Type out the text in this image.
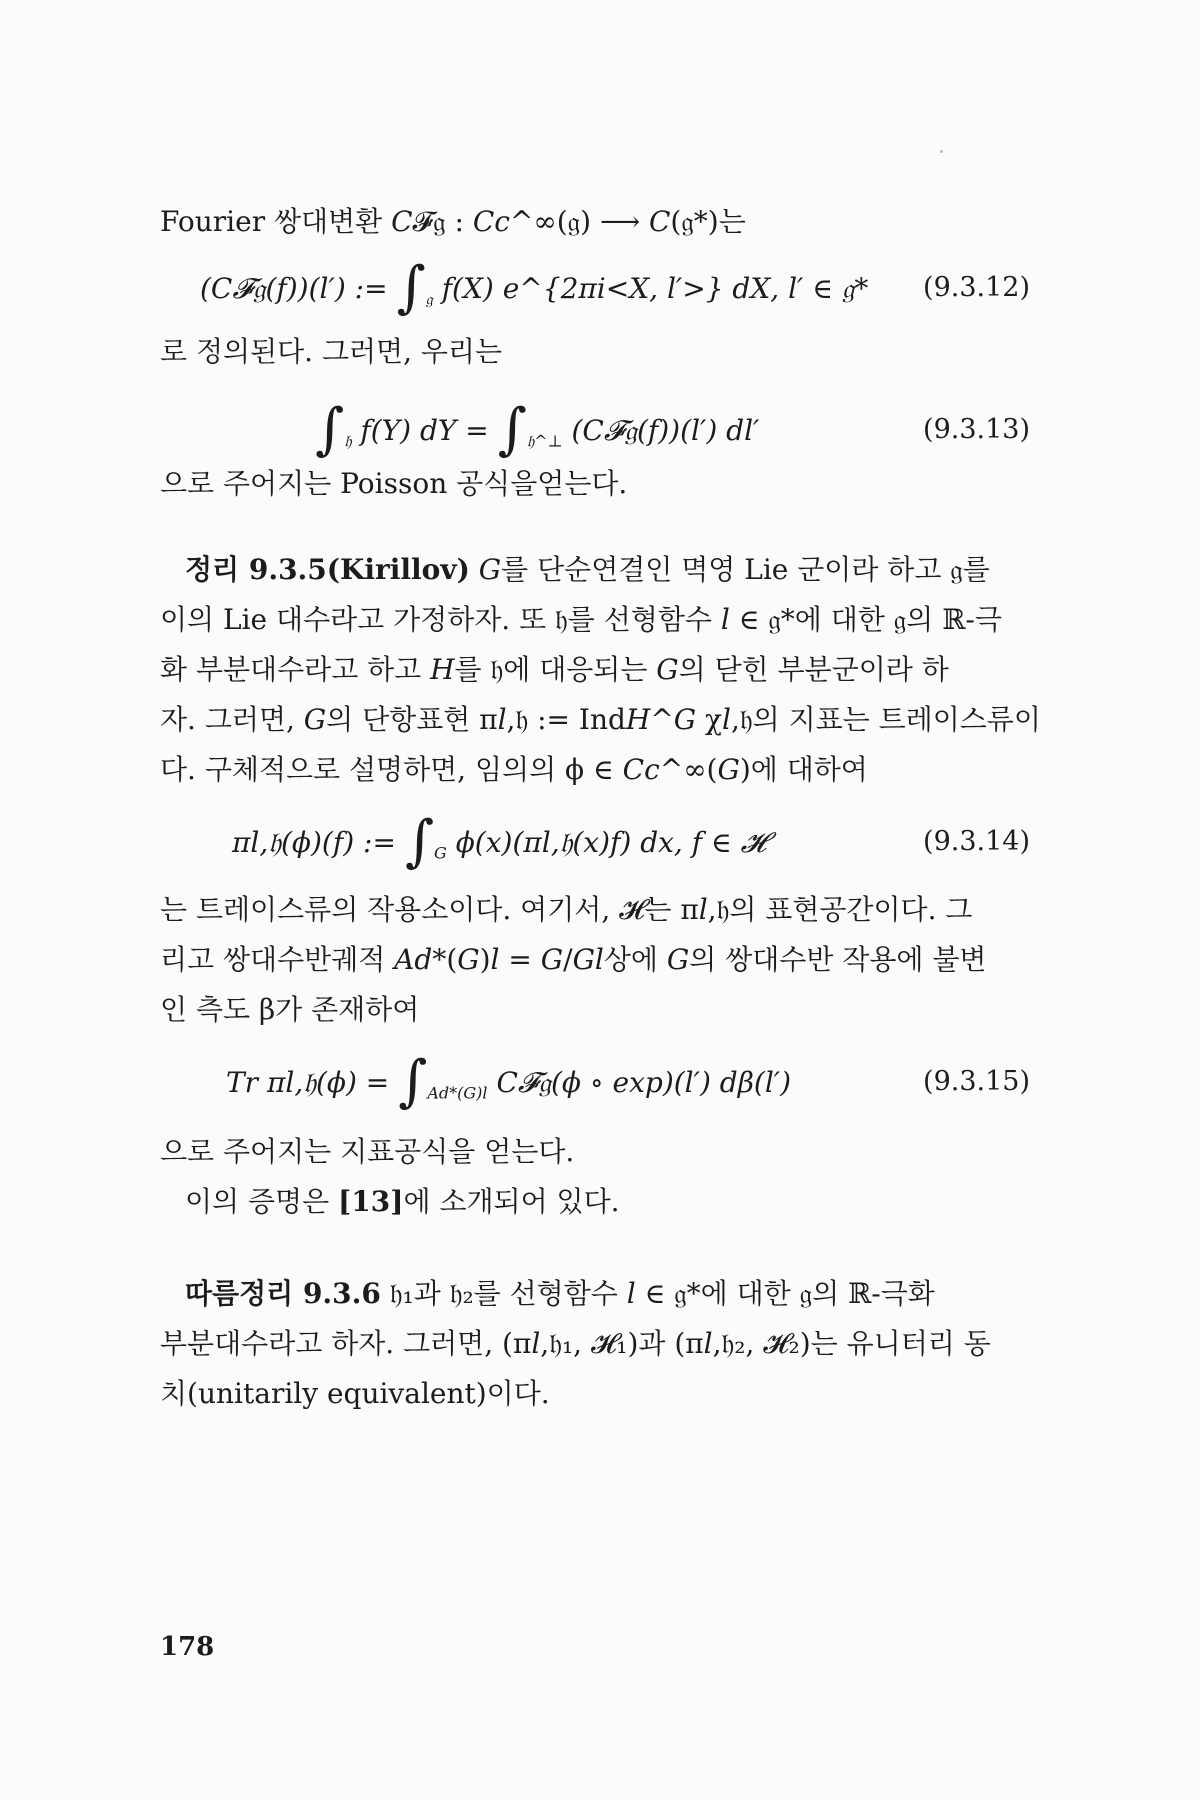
Fourier 쌍대변환 𝐶𝓕𝔤 : 𝐶𝑐^∞(𝔤) ⟶ 𝐶(𝔤*)는
(𝐶𝓕𝔤(𝑓))(𝑙′) := $\int_𝔤$ 𝑓(𝑋) 𝑒^{2πi<X, l′>} 𝑑𝑋, 𝑙′ ∈ 𝔤* (9.3.12)
로 정의된다. 그러면, 우리는
$\int_𝔥$ 𝑓(𝑌) 𝑑𝑌 = $\int_{𝔥\^{}\perp}$ (𝐶𝓕𝔤(𝑓))(𝑙′) 𝑑𝑙′	(9.3.13)
으로 주어지는 Poisson 공식을얻는다.
정리 9.3.5(Kirillov) 𝐺를 단순연결인 멱영 Lie 군이라 하고 𝔤를
이의 Lie 대수라고 가정하자. 또 𝔥를 선형함수 𝑙 ∈ 𝔤*에 대한 𝔤의 ℝ-극
화 부분대수라고 하고 𝐻를 𝔥에 대응되는 𝐺의 닫힌 부분군이라 하
자. 그러면, 𝐺의 단항표현 π𝑙,𝔥 := Ind𝐻^𝐺 χ𝑙,𝔥의 지표는 트레이스류이
다. 구체적으로 설명하면, 임의의 ϕ ∈ 𝐶𝑐^∞(𝐺)에 대하여
π𝑙,𝔥(ϕ)(𝑓) := $\int_𝐺$ ϕ(𝑥)(π𝑙,𝔥(𝑥)𝑓) 𝑑𝑥, 𝑓 ∈ 𝓗	(9.3.14)
는 트레이스류의 작용소이다. 여기서, 𝓗는 π𝑙,𝔥의 표현공간이다. 그
리고 쌍대수반궤적 𝐴𝑑*(𝐺)𝑙 = 𝐺/𝐺𝑙상에 𝐺의 쌍대수반 작용에 불변
인 측도 β가 존재하여
𝑇𝑟 π𝑙,𝔥(ϕ) = $\int_{𝐴𝑑*(𝐺)𝑙}$ 𝐶𝓕𝔤(ϕ ∘ exp)(𝑙′) 𝑑β(𝑙′)	(9.3.15)
으로 주어지는 지표공식을 얻는다.
이의 증명은 [13]에 소개되어 있다.
따름정리 9.3.6 𝔥₁과 𝔥₂를 선형함수 𝑙 ∈ 𝔤*에 대한 𝔤의 ℝ-극화
부분대수라고 하자. 그러면, (π𝑙,𝔥₁, 𝓗₁)과 (π𝑙,𝔥₂, 𝓗₂)는 유니터리 동
치(unitarily equivalent)이다.
178
